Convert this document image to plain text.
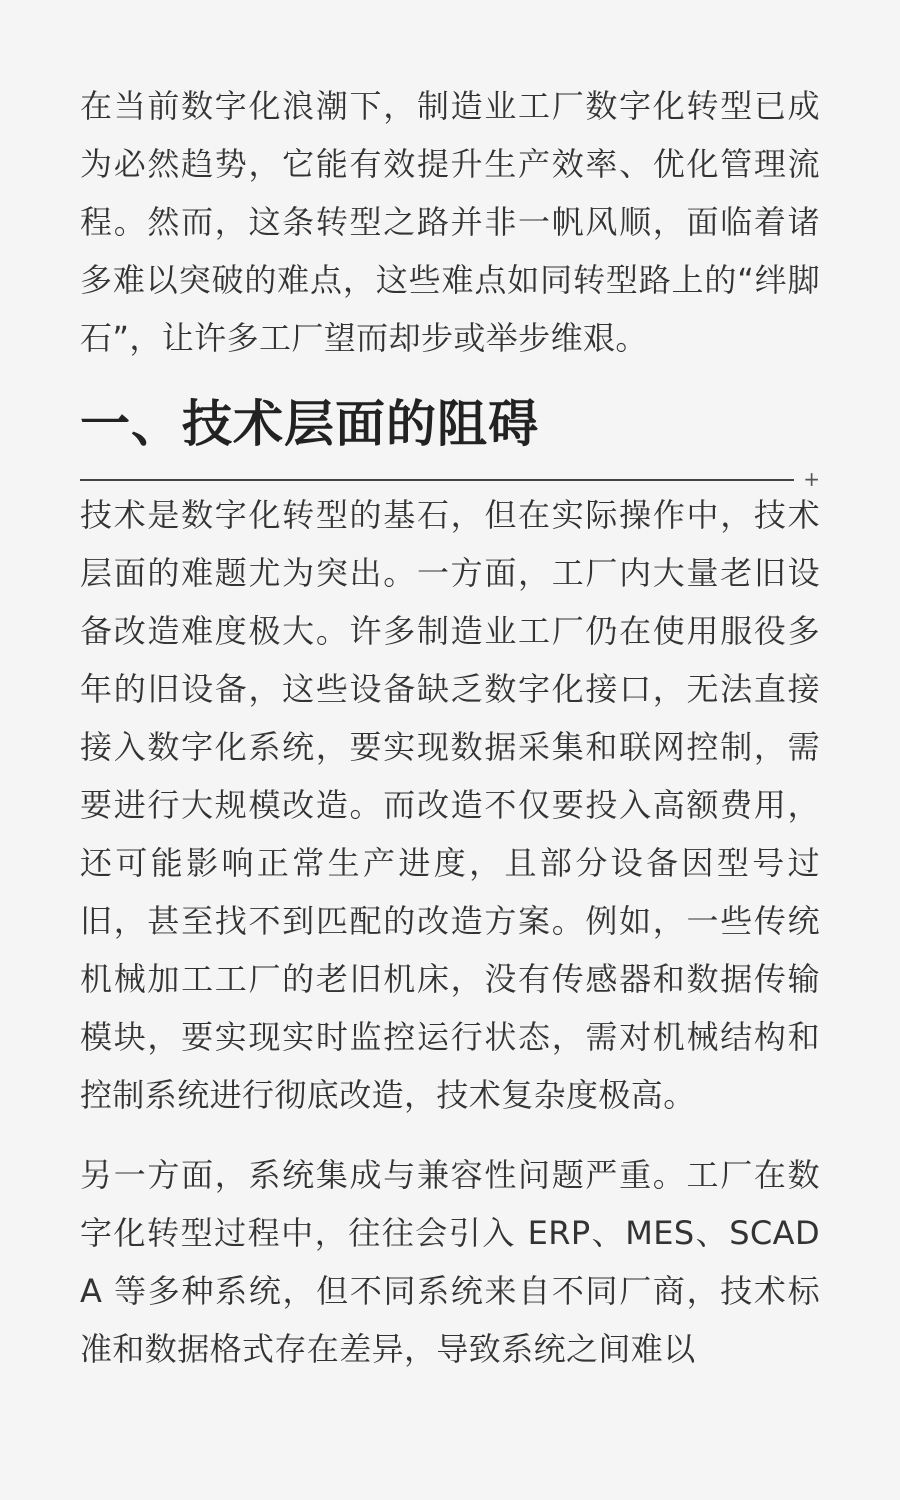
在当前数字化浪潮下，制造业工厂数字化转型已成为必然趋势，它能有效提升生产效率、优化管理流程。然而，这条转型之路并非一帆风顺，面临着诸多难以突破的难点，这些难点如同转型路上的“绊脚石”，让许多工厂望而却步或举步维艰。

一、技术层面的阻碍
+

技术是数字化转型的基石，但在实际操作中，技术层面的难题尤为突出。一方面，工厂内大量老旧设备改造难度极大。许多制造业工厂仍在使用服役多年的旧设备，这些设备缺乏数字化接口，无法直接接入数字化系统，要实现数据采集和联网控制，需要进行大规模改造。而改造不仅要投入高额费用，还可能影响正常生产进度，且部分设备因型号过旧，甚至找不到匹配的改造方案。例如，一些传统机械加工工厂的老旧机床，没有传感器和数据传输模块，要实现实时监控运行状态，需对机械结构和控制系统进行彻底改造，技术复杂度极高。

另一方面，系统集成与兼容性问题严重。工厂在数字化转型过程中，往往会引入 ERP、MES、SCADA 等多种系统，但不同系统来自不同厂商，技术标准和数据格式存在差异，导致系统之间难以
